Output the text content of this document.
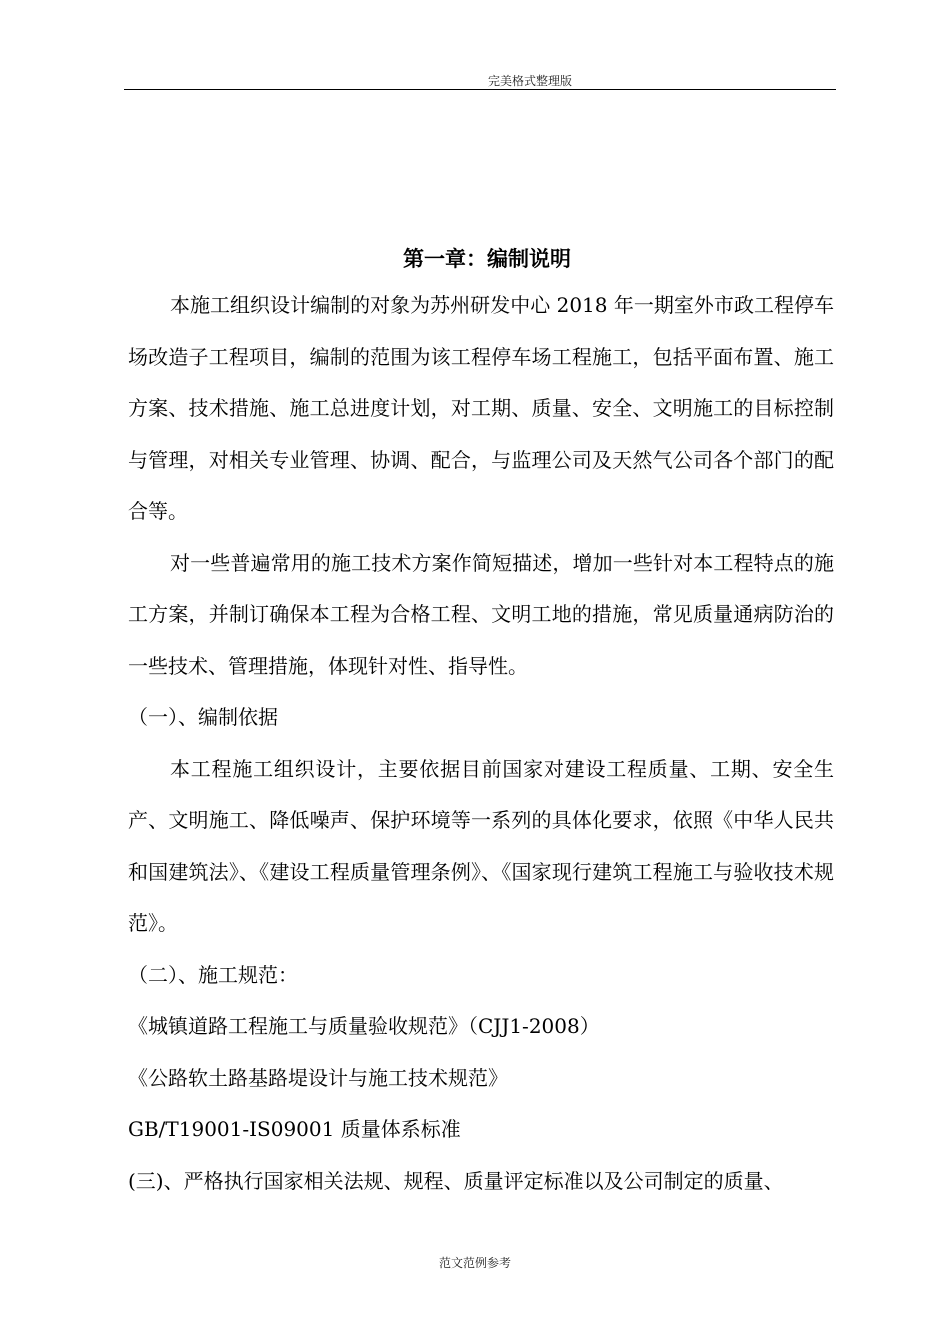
完美格式整理版
第一章：编制说明

本施工组织设计编制的对象为苏州研发中心 2018 年一期室外市政工程停车场改造子工程项目，编制的范围为该工程停车场工程施工，包括平面布置、施工方案、技术措施、施工总进度计划，对工期、质量、安全、文明施工的目标控制与管理，对相关专业管理、协调、配合，与监理公司及天然气公司各个部门的配合等。

对一些普遍常用的施工技术方案作简短描述，增加一些针对本工程特点的施工方案，并制订确保本工程为合格工程、文明工地的措施，常见质量通病防治的一些技术、管理措施，体现针对性、指导性。

（一）、编制依据

本工程施工组织设计，主要依据目前国家对建设工程质量、工期、安全生产、文明施工、降低噪声、保护环境等一系列的具体化要求，依照《中华人民共和国建筑法》、《建设工程质量管理条例》、《国家现行建筑工程施工与验收技术规范》。

（二）、施工规范：

《城镇道路工程施工与质量验收规范》（CJJ1-2008）

《公路软土路基路堤设计与施工技术规范》

GB/T19001-IS09001 质量体系标准

(三)、严格执行国家相关法规、规程、质量评定标准以及公司制定的质量、

范文范例参考
